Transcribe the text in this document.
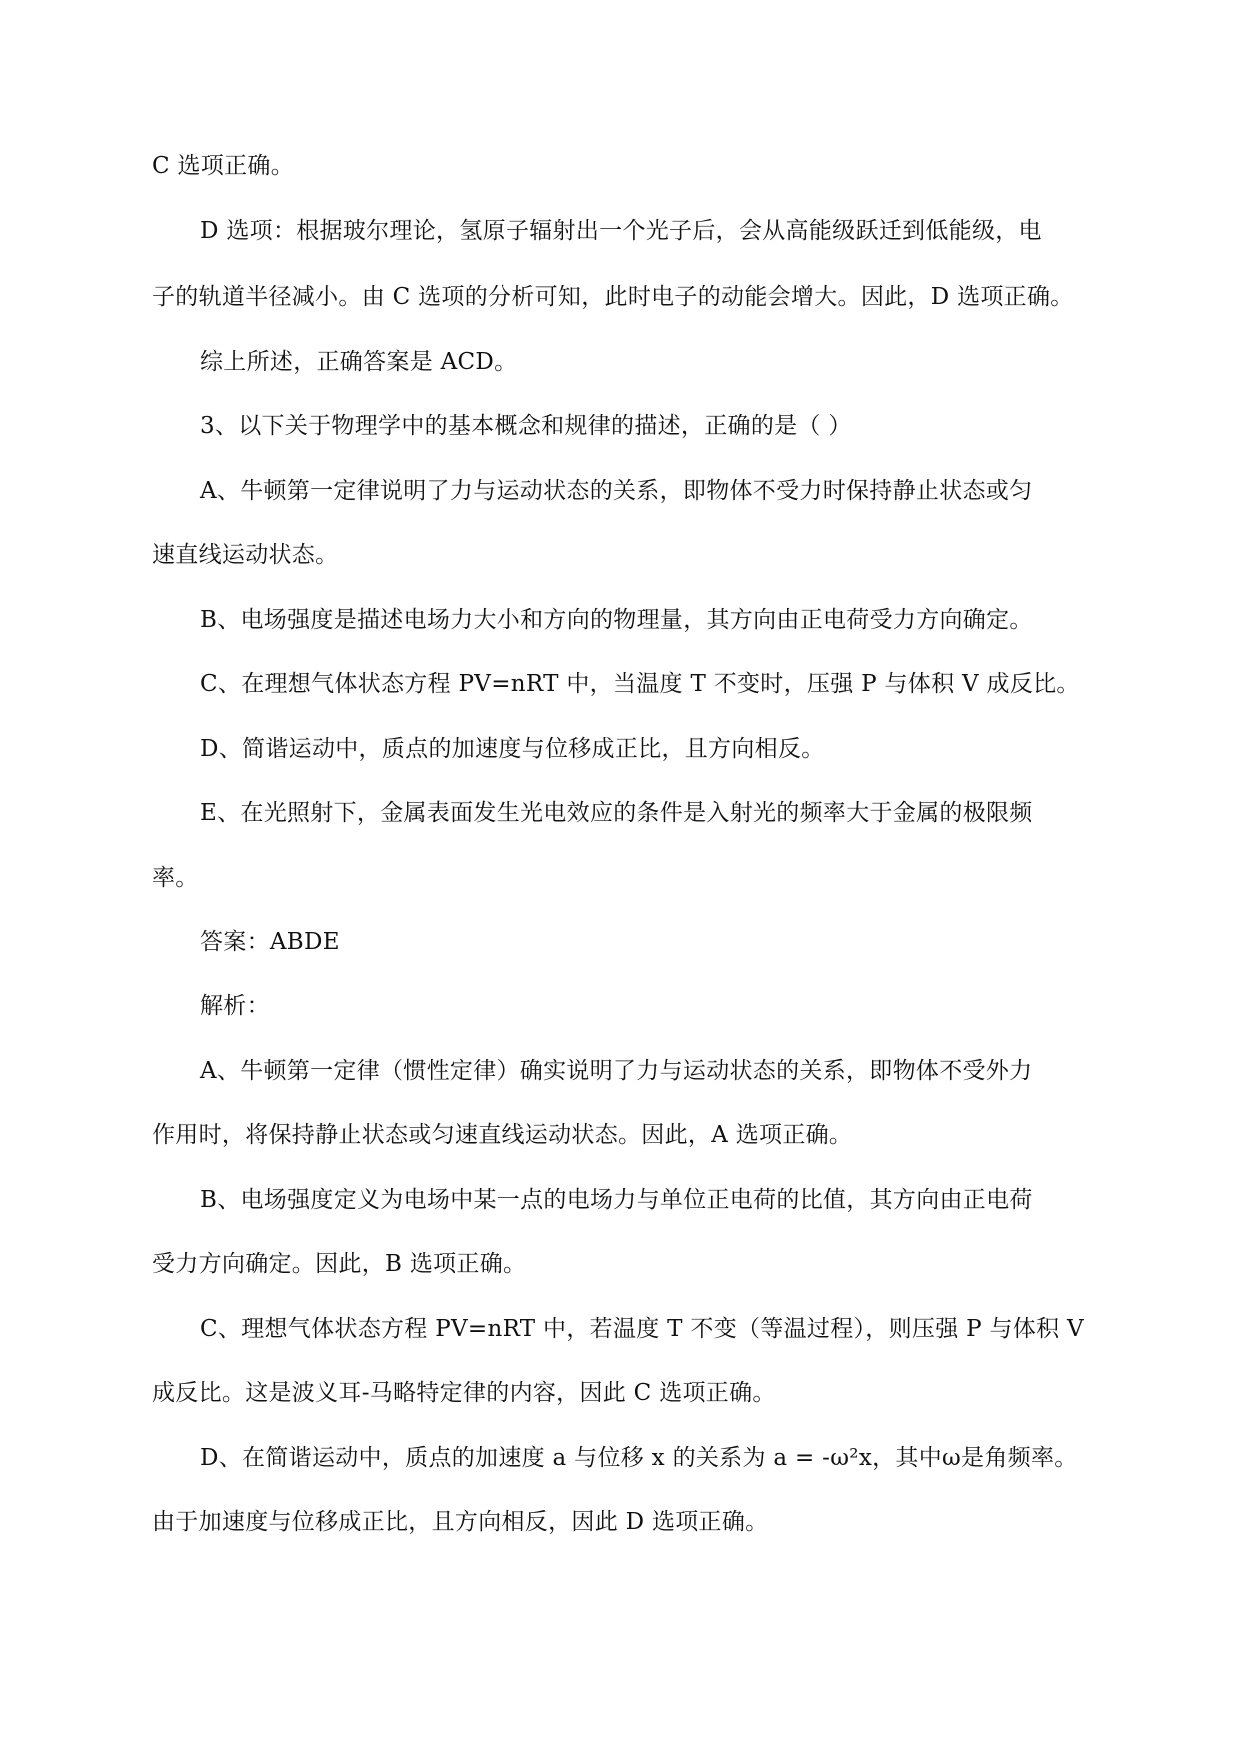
C 选项正确。
D 选项：根据玻尔理论，氢原子辐射出一个光子后，会从高能级跃迁到低能级，电
子的轨道半径减小。由 C 选项的分析可知，此时电子的动能会增大。因此，D 选项正确。
综上所述，正确答案是 ACD。
3、以下关于物理学中的基本概念和规律的描述，正确的是（ ）
A、牛顿第一定律说明了力与运动状态的关系，即物体不受力时保持静止状态或匀
速直线运动状态。
B、电场强度是描述电场力大小和方向的物理量，其方向由正电荷受力方向确定。
C、在理想气体状态方程 PV=nRT 中，当温度 T 不变时，压强 P 与体积 V 成反比。
D、简谐运动中，质点的加速度与位移成正比，且方向相反。
E、在光照射下，金属表面发生光电效应的条件是入射光的频率大于金属的极限频
率。
答案：ABDE
解析：
A、牛顿第一定律（惯性定律）确实说明了力与运动状态的关系，即物体不受外力
作用时，将保持静止状态或匀速直线运动状态。因此，A 选项正确。
B、电场强度定义为电场中某一点的电场力与单位正电荷的比值，其方向由正电荷
受力方向确定。因此，B 选项正确。
C、理想气体状态方程 PV=nRT 中，若温度 T 不变（等温过程），则压强 P 与体积 V
成反比。这是波义耳-马略特定律的内容，因此 C 选项正确。
D、在简谐运动中，质点的加速度 a 与位移 x 的关系为 a = -ω²x，其中ω是角频率。
由于加速度与位移成正比，且方向相反，因此 D 选项正确。
